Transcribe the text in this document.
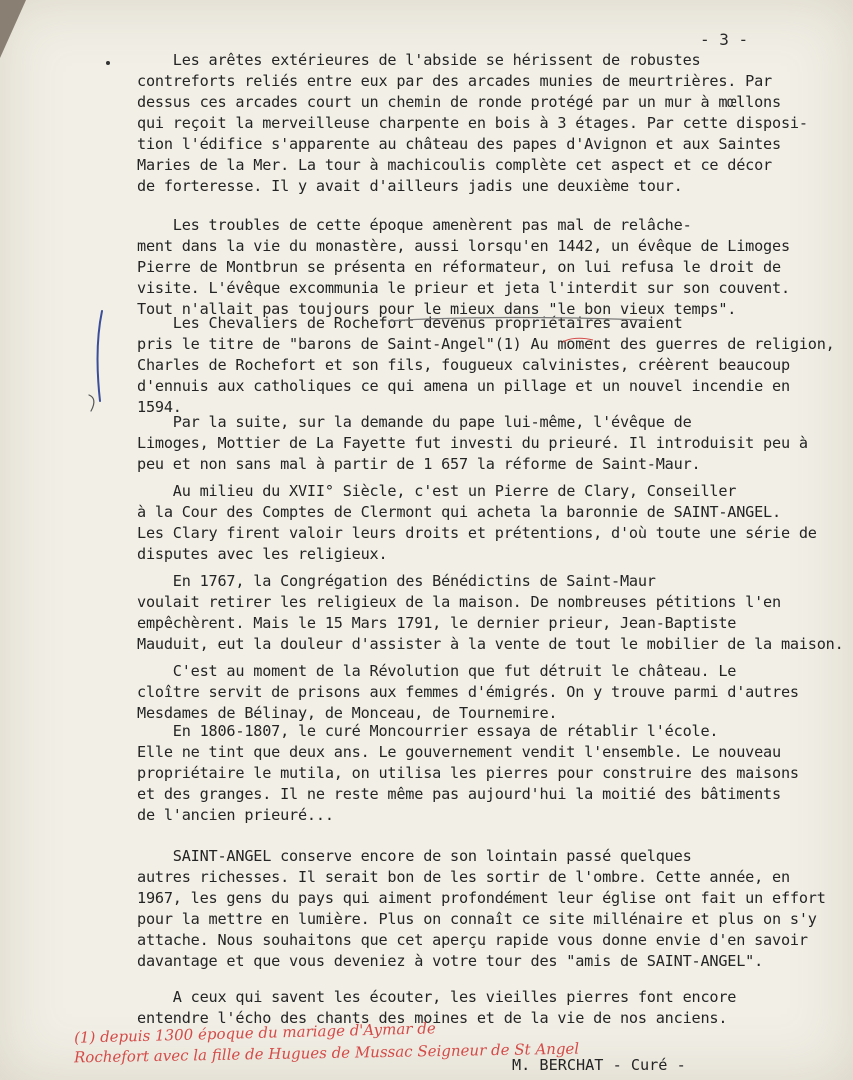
- 3 -
Les arêtes extérieures de l'abside se hérissent de robustes
contreforts reliés entre eux par des arcades munies de meurtrières. Par
dessus ces arcades court un chemin de ronde protégé par un mur à mœllons
qui reçoit la merveilleuse charpente en bois à 3 étages. Par cette disposi-
tion l'édifice s'apparente au château des papes d'Avignon et aux Saintes
Maries de la Mer. La tour à machicoulis complète cet aspect et ce décor
de forteresse. Il y avait d'ailleurs jadis une deuxième tour.
Les troubles de cette époque amenèrent pas mal de relâche-
ment dans la vie du monastère, aussi lorsqu'en 1442, un évêque de Limoges
Pierre de Montbrun se présenta en réformateur, on lui refusa le droit de
visite. L'évêque excommunia le prieur et jeta l'interdit sur son couvent.
Tout n'allait pas toujours pour le mieux dans "le bon vieux temps".
Les Chevaliers de Rochefort devenus propriétaires avaient
pris le titre de "barons de Saint-Angel"(1) Au moment des guerres de religion,
Charles de Rochefort et son fils, fougueux calvinistes, créèrent beaucoup
d'ennuis aux catholiques ce qui amena un pillage et un nouvel incendie en
1594.
Par la suite, sur la demande du pape lui-même, l'évêque de
Limoges, Mottier de La Fayette fut investi du prieuré. Il introduisit peu à
peu et non sans mal à partir de 1 657 la réforme de Saint-Maur.
Au milieu du XVII° Siècle, c'est un Pierre de Clary, Conseiller
à la Cour des Comptes de Clermont qui acheta la baronnie de SAINT-ANGEL.
Les Clary firent valoir leurs droits et prétentions, d'où toute une série de
disputes avec les religieux.
En 1767, la Congrégation des Bénédictins de Saint-Maur
voulait retirer les religieux de la maison. De nombreuses pétitions l'en
empêchèrent. Mais le 15 Mars 1791, le dernier prieur, Jean-Baptiste
Mauduit, eut la douleur d'assister à la vente de tout le mobilier de la maison.
C'est au moment de la Révolution que fut détruit le château. Le
cloître servit de prisons aux femmes d'émigrés. On y trouve parmi d'autres
Mesdames de Bélinay, de Monceau, de Tournemire.
En 1806-1807, le curé Moncourrier essaya de rétablir l'école.
Elle ne tint que deux ans. Le gouvernement vendit l'ensemble. Le nouveau
propriétaire le mutila, on utilisa les pierres pour construire des maisons
et des granges. Il ne reste même pas aujourd'hui la moitié des bâtiments
de l'ancien prieuré...
SAINT-ANGEL conserve encore de son lointain passé quelques
autres richesses. Il serait bon de les sortir de l'ombre. Cette année, en
1967, les gens du pays qui aiment profondément leur église ont fait un effort
pour la mettre en lumière. Plus on connaît ce site millénaire et plus on s'y
attache. Nous souhaitons que cet aperçu rapide vous donne envie d'en savoir
davantage et que vous deveniez à votre tour des "amis de SAINT-ANGEL".
A ceux qui savent les écouter, les vieilles pierres font encore
entendre l'écho des chants des moines et de la vie de nos anciens.
(1) depuis 1300 époque du mariage d'Aymar de
Rochefort avec la fille de Hugues de Mussac Seigneur de St Angel
M. BERCHAT - Curé -
